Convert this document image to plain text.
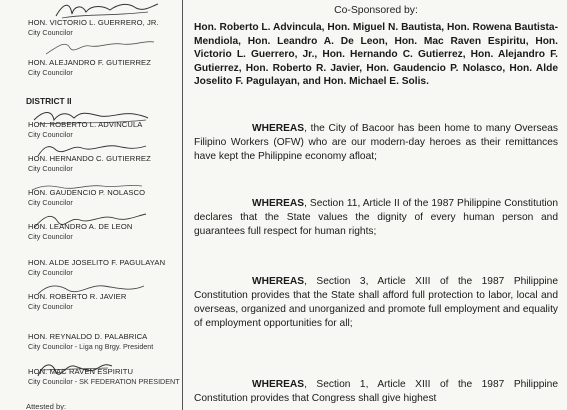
HON. VICTORIO L. GUERRERO, JR.
City Councilor
HON. ALEJANDRO F. GUTIERREZ
City Councilor
DISTRICT II
HON. ROBERTO L. ADVINCULA
City Councilor
HON. HERNANDO C. GUTIERREZ
City Councilor
HON. GAUDENCIO P. NOLASCO
City Councilor
HON. LEANDRO A. DE LEON
City Councilor
HON. ALDE JOSELITO F. PAGULAYAN
City Councilor
HON. ROBERTO R. JAVIER
City Councilor
HON. REYNALDO D. PALABRICA
City Councilor - Liga ng Brgy. President
HON. MAC RAVEN ESPIRITU
City Councilor - SK FEDERATION PRESIDENT
Attested by:
Co-Sponsored by:
Hon. Roberto L. Advincula, Hon. Miguel N. Bautista, Hon. Rowena Bautista-Mendiola, Hon. Leandro A. De Leon, Hon. Mac Raven Espiritu, Hon. Victorio L. Guerrero, Jr., Hon. Hernando C. Gutierrez, Hon. Alejandro F. Gutierrez, Hon. Roberto R. Javier, Hon. Gaudencio P. Nolasco, Hon. Alde Joselito F. Pagulayan, and Hon. Michael E. Solis.

WHEREAS, the City of Bacoor has been home to many Overseas Filipino Workers (OFW) who are our modern-day heroes as their remittances have kept the Philippine economy afloat;

WHEREAS, Section 11, Article II of the 1987 Philippine Constitution declares that the State values the dignity of every human person and guarantees full respect for human rights;

WHEREAS, Section 3, Article XIII of the 1987 Philippine Constitution provides that the State shall afford full protection to labor, local and overseas, organized and unorganized and promote full employment and equality of employment opportunities for all;

WHEREAS, Section 1, Article XIII of the 1987 Philippine Constitution provides that Congress shall give highest
